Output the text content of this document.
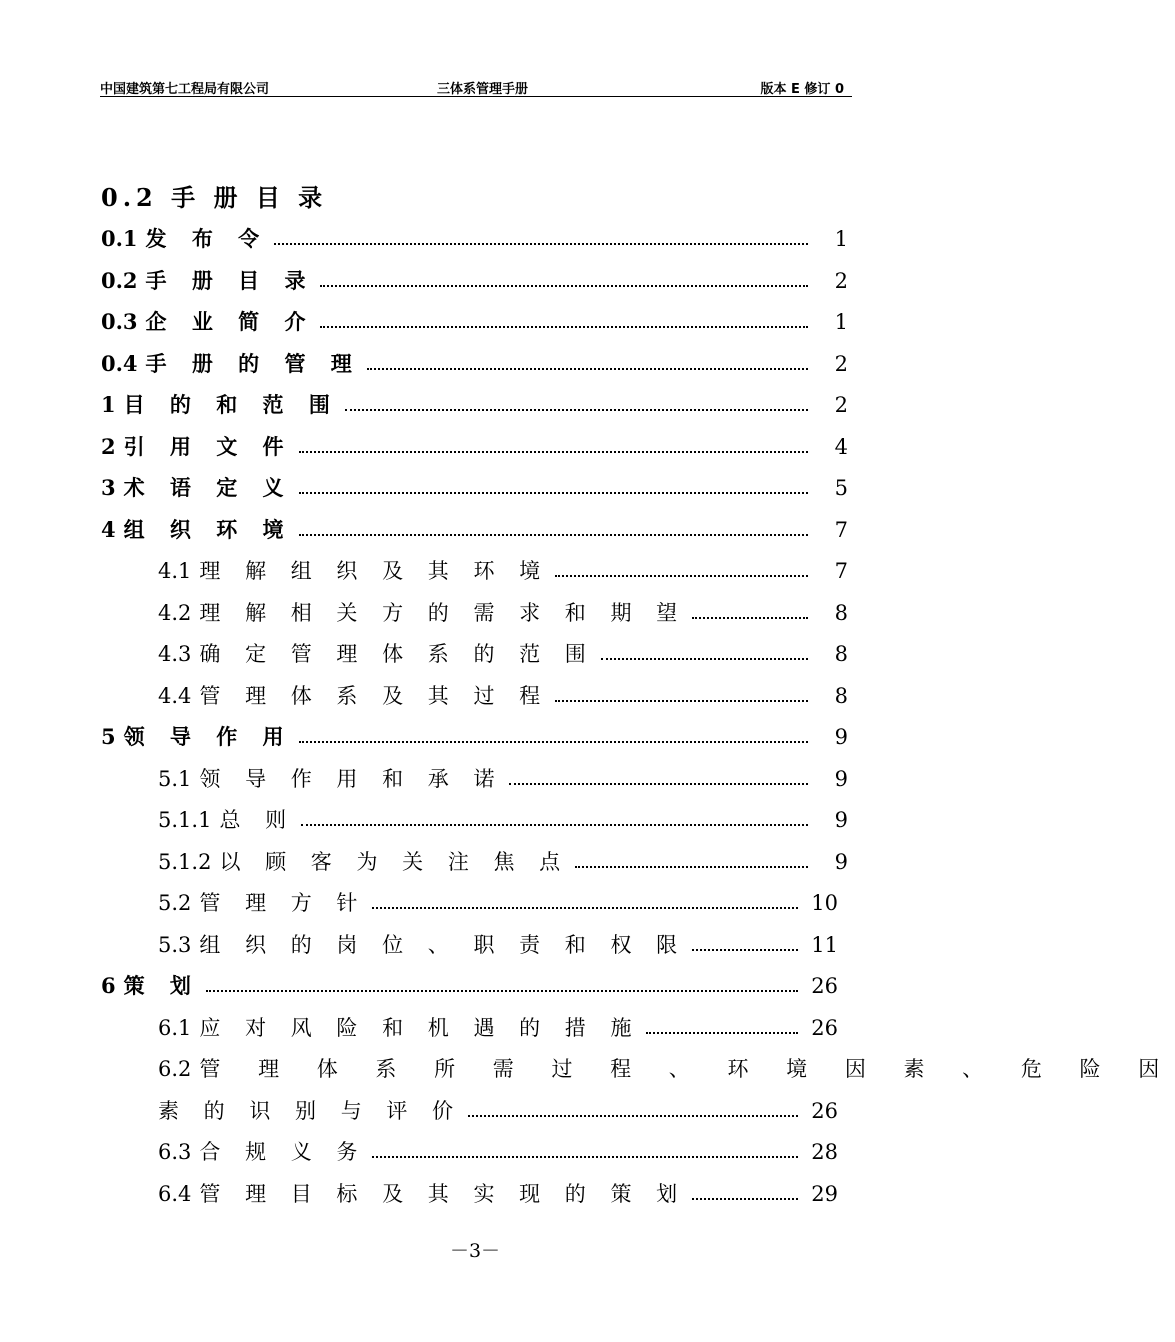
中国建筑第七工程局有限公司	三体系管理手册	版本 E 修订 0
0.2 手 册 目 录
0.1 发 布 令	1
0.2 手 册 目 录	2
0.3 企 业 简 介	1
0.4 手 册 的 管 理	2
1 目 的 和 范 围	2
2 引 用 文 件	4
3 术 语 定 义	5
4 组 织 环 境	7
4.1 理 解 组 织 及 其 环 境	7
4.2 理 解 相 关 方 的 需 求 和 期 望	8
4.3 确 定 管 理 体 系 的 范 围	8
4.4 管 理 体 系 及 其 过 程	8
5 领 导 作 用	9
5.1 领 导 作 用 和 承 诺	9
5.1.1 总 则	9
5.1.2 以 顾 客 为 关 注 焦 点	9
5.2 管 理 方 针	10
5.3 组 织 的 岗 位 、 职 责 和 权 限	11
6 策 划	26
6.1 应 对 风 险 和 机 遇 的 措 施	26
6.2 管 理 体 系 所 需 过 程 、 环 境 因 素 、 危 险 因
素 的 识 别 与 评 价	26
6.3 合 规 义 务	28
6.4 管 理 目 标 及 其 实 现 的 策 划	29
－3－
